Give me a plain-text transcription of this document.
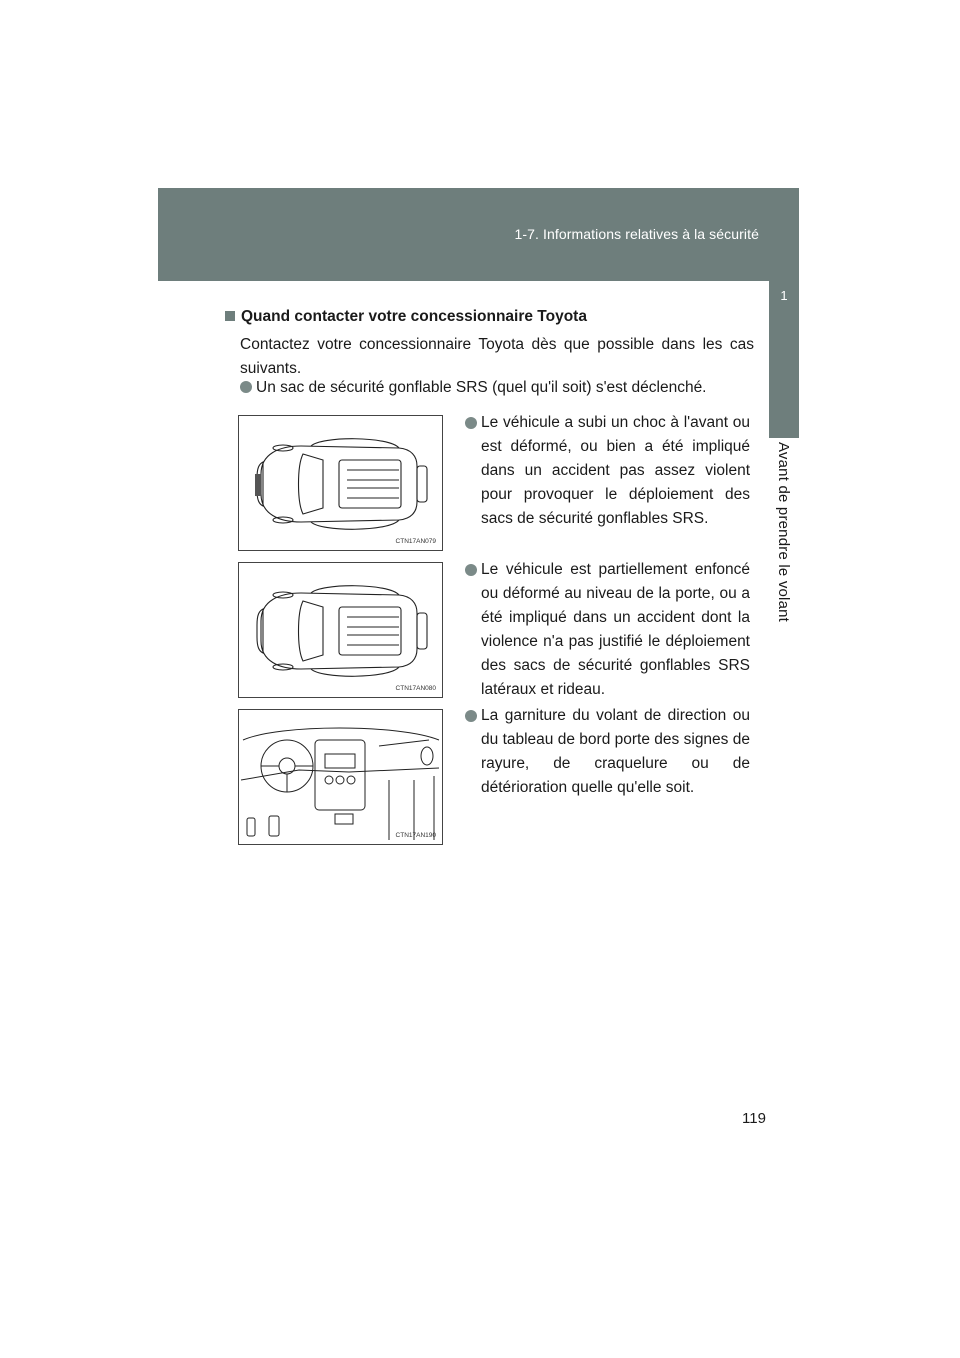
1-7. Informations relatives à la sécurité
1
Avant de prendre le volant
Quand contacter votre concessionnaire Toyota
Contactez votre concessionnaire Toyota dès que possible dans les cas suivants.
Un sac de sécurité gonflable SRS (quel qu'il soit) s'est déclenché.
CTN17AN079
Le véhicule a subi un choc à l'avant ou est déformé, ou bien a été impliqué dans un accident pas assez violent pour provoquer le déploiement des sacs de sécurité gonflables SRS.
CTN17AN080
Le véhicule est partiellement enfoncé ou déformé au niveau de la porte, ou a été impliqué dans un accident dont la violence n'a pas justifié le déploiement des sacs de sécurité gonflables SRS latéraux et rideau.
CTN17AN190
La garniture du volant de direction ou du tableau de bord porte des signes de rayure, de craquelure ou de détérioration quelle qu'elle soit.
119
